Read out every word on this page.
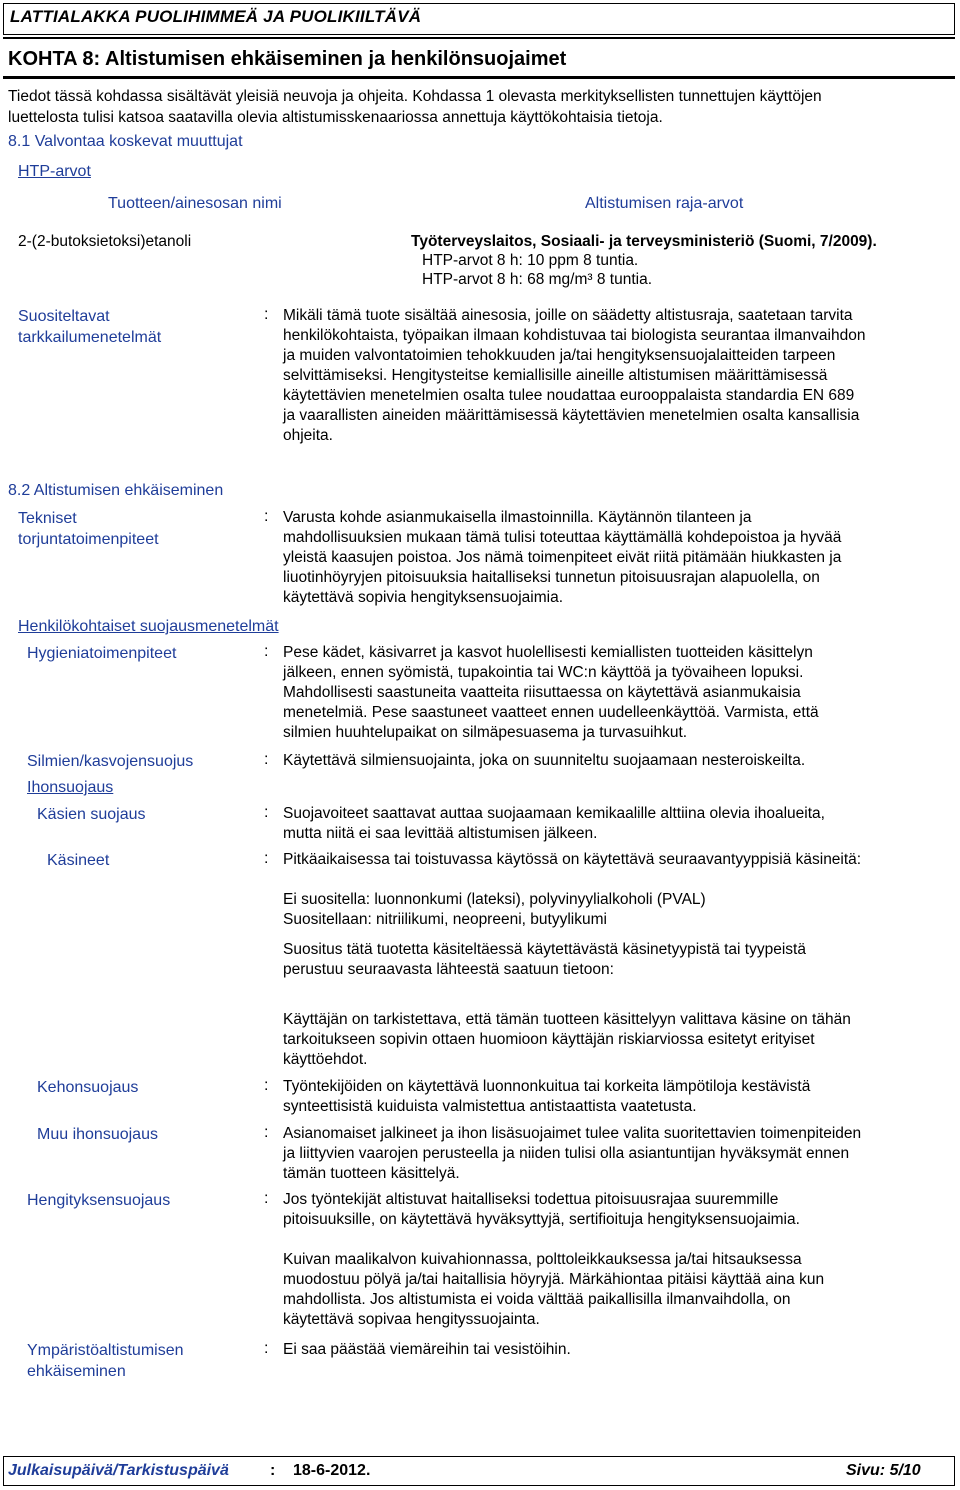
LATTIALAKKA PUOLIHIMMEÄ JA PUOLIKIILTÄVÄ
KOHTA 8: Altistumisen ehkäiseminen ja henkilönsuojaimet
Tiedot tässä kohdassa sisältävät yleisiä neuvoja ja ohjeita. Kohdassa 1 olevasta merkityksellisten tunnettujen käyttöjen
luettelosta tulisi katsoa saatavilla olevia altistumisskenaariossa annettuja käyttökohtaisia tietoja.
8.1 Valvontaa koskevat muuttujat
HTP-arvot
Tuotteen/ainesosan nimi	Altistumisen raja-arvot
2-(2-butoksietoksi)etanoli	Työterveyslaitos, Sosiaali- ja terveysministeriö (Suomi, 7/2009).
HTP-arvot 8 h: 10 ppm 8 tuntia.
HTP-arvot 8 h: 68 mg/m³ 8 tuntia.
Suositeltavat
tarkkailumenetelmät
: Mikäli tämä tuote sisältää ainesosia, joille on säädetty altistusraja, saatetaan tarvita
henkilökohtaista, työpaikan ilmaan kohdistuvaa tai biologista seurantaa ilmanvaihdon
ja muiden valvontatoimien tehokkuuden ja/tai hengityksensuojalaitteiden tarpeen
selvittämiseksi. Hengitysteitse kemiallisille aineille altistumisen määrittämisessä
käytettävien menetelmien osalta tulee noudattaa eurooppalaista standardia EN 689
ja vaarallisten aineiden määrittämisessä käytettävien menetelmien osalta kansallisia
ohjeita.
8.2 Altistumisen ehkäiseminen
Tekniset
torjuntatoimenpiteet
: Varusta kohde asianmukaisella ilmastoinnilla. Käytännön tilanteen ja
mahdollisuuksien mukaan tämä tulisi toteuttaa käyttämällä kohdepoistoa ja hyvää
yleistä kaasujen poistoa. Jos nämä toimenpiteet eivät riitä pitämään hiukkasten ja
liuotinhöyryjen pitoisuuksia haitalliseksi tunnetun pitoisuusrajan alapuolella, on
käytettävä sopivia hengityksensuojaimia.
Henkilökohtaiset suojausmenetelmät
Hygieniatoimenpiteet	: Pese kädet, käsivarret ja kasvot huolellisesti kemiallisten tuotteiden käsittelyn
jälkeen, ennen syömistä, tupakointia tai WC:n käyttöä ja työvaiheen lopuksi.
Mahdollisesti saastuneita vaatteita riisuttaessa on käytettävä asianmukaisia
menetelmiä. Pese saastuneet vaatteet ennen uudelleenkäyttöä. Varmista, että
silmien huuhtelupaikat on silmäpesuasema ja turvasuihkut.
Silmien/kasvojensuojus	: Käytettävä silmiensuojainta, joka on suunniteltu suojaamaan nesteroiskeilta.
Ihonsuojaus
Käsien suojaus	: Suojavoiteet saattavat auttaa suojaamaan kemikaalille alttiina olevia ihoalueita,
mutta niitä ei saa levittää altistumisen jälkeen.
Käsineet	: Pitkäaikaisessa tai toistuvassa käytössä on käytettävä seuraavantyyppisiä käsineitä:
Ei suositella: luonnonkumi (lateksi), polyvinyylialkoholi (PVAL)
Suositellaan: nitriilikumi, neopreeni, butyylikumi
Suositus tätä tuotetta käsiteltäessä käytettävästä käsinetyypistä tai tyypeistä
perustuu seuraavasta lähteestä saatuun tietoon:
Käyttäjän on tarkistettava, että tämän tuotteen käsittelyyn valittava käsine on tähän
tarkoitukseen sopivin ottaen huomioon käyttäjän riskiarviossa esitetyt erityiset
käyttöehdot.
Kehonsuojaus	: Työntekijöiden on käytettävä luonnonkuitua tai korkeita lämpötiloja kestävistä
synteettisistä kuiduista valmistettua antistaattista vaatetusta.
Muu ihonsuojaus	: Asianomaiset jalkineet ja ihon lisäsuojaimet tulee valita suoritettavien toimenpiteiden
ja liittyvien vaarojen perusteella ja niiden tulisi olla asiantuntijan hyväksymät ennen
tämän tuotteen käsittelyä.
Hengityksensuojaus	: Jos työntekijät altistuvat haitalliseksi todettua pitoisuusrajaa suuremmille
pitoisuuksille, on käytettävä hyväksyttyjä, sertifioituja hengityksensuojaimia.
Kuivan maalikalvon kuivahionnassa, polttoleikkauksessa ja/tai hitsauksessa
muodostuu pölyä ja/tai haitallisia höyryjä. Märkähiontaa pitäisi käyttää aina kun
mahdollista. Jos altistumista ei voida välttää paikallisilla ilmanvaihdolla, on
käytettävä sopivaa hengityssuojainta.
Ympäristöaltistumisen
ehkäiseminen
: Ei saa päästää viemäreihin tai vesistöihin.
Julkaisupäivä/Tarkistuspäivä	: 18-6-2012.	Sivu: 5/10
